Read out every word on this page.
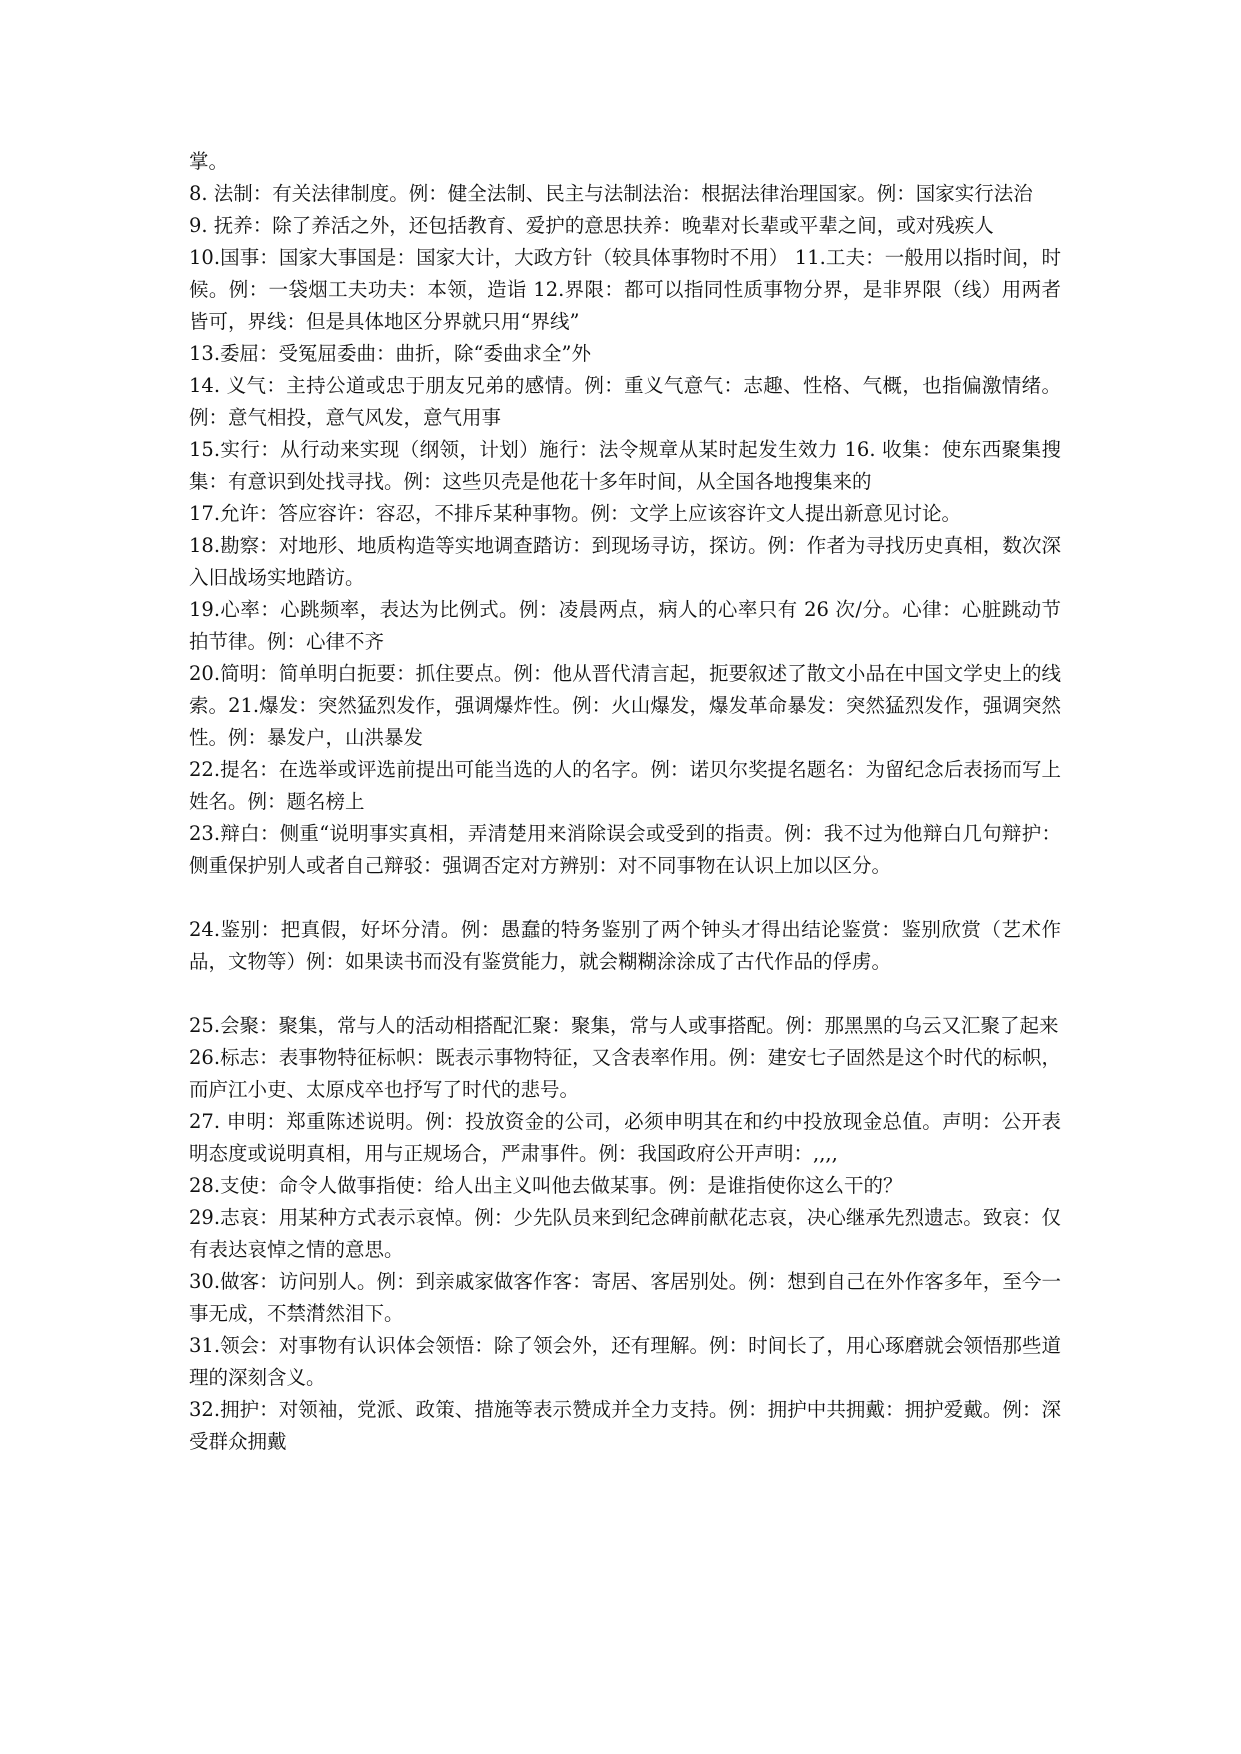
掌。

8. 法制：有关法律制度。例：健全法制、民主与法制法治：根据法律治理国家。例：国家实行法治

9. 抚养：除了养活之外，还包括教育、爱护的意思扶养：晚辈对长辈或平辈之间，或对残疾人

10.国事：国家大事国是：国家大计，大政方针（较具体事物时不用） 11.工夫：一般用以指时间，时候。例：一袋烟工夫功夫：本领，造诣 12.界限：都可以指同性质事物分界，是非界限（线）用两者皆可，界线：但是具体地区分界就只用“界线”

13.委屈：受冤屈委曲：曲折，除“委曲求全”外

14. 义气：主持公道或忠于朋友兄弟的感情。例：重义气意气：志趣、性格、气概，也指偏激情绪。例：意气相投，意气风发，意气用事

15.实行：从行动来实现（纲领，计划）施行：法令规章从某时起发生效力 16. 收集：使东西聚集搜集：有意识到处找寻找。例：这些贝壳是他花十多年时间，从全国各地搜集来的

17.允许：答应容许：容忍，不排斥某种事物。例：文学上应该容许文人提出新意见讨论。

18.勘察：对地形、地质构造等实地调查踏访：到现场寻访，探访。例：作者为寻找历史真相，数次深入旧战场实地踏访。

19.心率：心跳频率，表达为比例式。例：凌晨两点，病人的心率只有 26 次/分。心律：心脏跳动节拍节律。例：心律不齐

20.简明：简单明白扼要：抓住要点。例：他从晋代清言起，扼要叙述了散文小品在中国文学史上的线索。21.爆发：突然猛烈发作，强调爆炸性。例：火山爆发，爆发革命暴发：突然猛烈发作，强调突然性。例：暴发户，山洪暴发

22.提名：在选举或评选前提出可能当选的人的名字。例：诺贝尔奖提名题名：为留纪念后表扬而写上姓名。例：题名榜上

23.辩白：侧重“说明事实真相，弄清楚用来消除误会或受到的指责。例：我不过为他辩白几句辩护：侧重保护别人或者自己辩驳：强调否定对方辨别：对不同事物在认识上加以区分。

24.鉴别：把真假，好坏分清。例：愚蠢的特务鉴别了两个钟头才得出结论鉴赏：鉴别欣赏（艺术作品，文物等）例：如果读书而没有鉴赏能力，就会糊糊涂涂成了古代作品的俘虏。

25.会聚：聚集，常与人的活动相搭配汇聚：聚集，常与人或事搭配。例：那黑黑的乌云又汇聚了起来

26.标志：表事物特征标帜：既表示事物特征，又含表率作用。例：建安七子固然是这个时代的标帜，而庐江小吏、太原戍卒也抒写了时代的悲号。

27. 申明：郑重陈述说明。例：投放资金的公司，必须申明其在和约中投放现金总值。声明：公开表明态度或说明真相，用与正规场合，严肃事件。例：我国政府公开声明：,,,,

28.支使：命令人做事指使：给人出主义叫他去做某事。例：是谁指使你这么干的？

29.志哀：用某种方式表示哀悼。例：少先队员来到纪念碑前献花志哀，决心继承先烈遗志。致哀：仅有表达哀悼之情的意思。

30.做客：访问别人。例：到亲戚家做客作客：寄居、客居别处。例：想到自己在外作客多年，至今一事无成，不禁潸然泪下。

31.领会：对事物有认识体会领悟：除了领会外，还有理解。例：时间长了，用心琢磨就会领悟那些道理的深刻含义。

32.拥护：对领袖，党派、政策、措施等表示赞成并全力支持。例：拥护中共拥戴：拥护爱戴。例：深受群众拥戴
